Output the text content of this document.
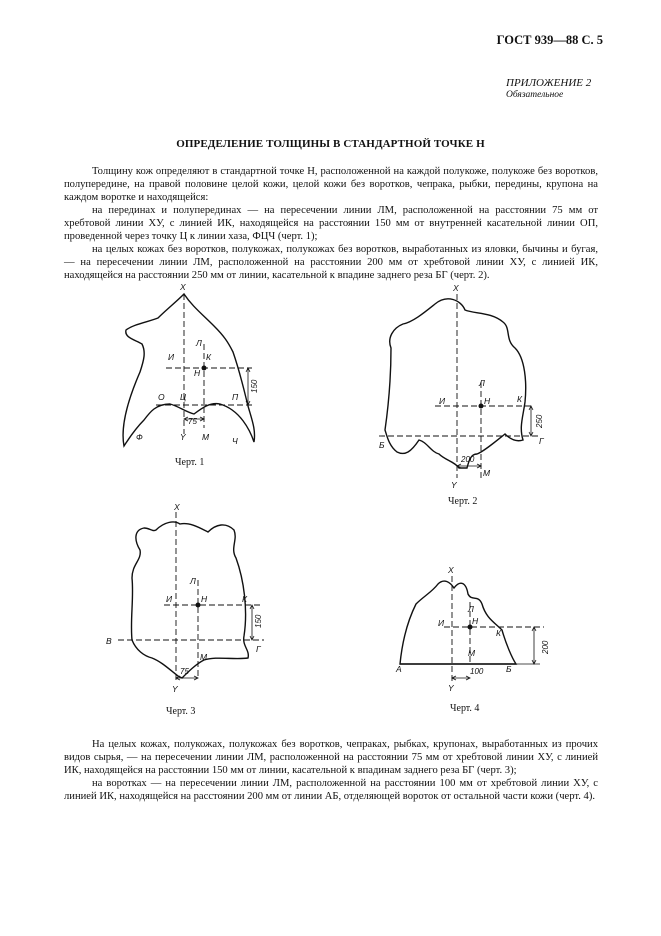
ГОСТ 939—88 С. 5
ПРИЛОЖЕНИЕ 2
Обязательное
ОПРЕДЕЛЕНИЕ ТОЛЩИНЫ В СТАНДАРТНОЙ ТОЧКЕ Н

Толщину кож определяют в стандартной точке Н, расположенной на каждой полукоже, полукоже без воротков, полупередине, на правой половине целой кожи, целой кожи без воротков, чепрака, рыбки, передины, крупона на каждом воротке и находящейся:

на перединах и полуперединах — на пересечении линии ЛМ, расположенной на расстоянии 75 мм от хребтовой линии ХУ, с линией ИК, находящейся на расстоянии 150 мм от внутренней касательной линии ОП, проведенной через точку Ц к линии хаза, ФЦЧ (черт. 1);

на целых кожах без воротков, полукожах, полукожах без воротков, выработанных из яловки, бычины и бугая, — на пересечении линии ЛМ, расположенной на расстоянии 200 мм от хребтовой линии ХУ, с линией ИК, находящейся на расстоянии 250 мм от линии, касательной к впадине заднего реза БГ (черт. 2).

Х
Л
К
И
Н
О Ц	П
Ф	Y М	Ч
75
150
Черт. 1
Х
Л
И	Н	К
Б	Г
Y
М
200
250
Черт. 2
Х
Л
И	Н	К
В
Г
Y
М
75
150
Черт. 3
Х
Л
И	Н
К
М
А	Б
Y
100
200
Черт. 4

На целых кожах, полукожах, полукожах без воротков, чепраках, рыбках, крупонах, выработанных из прочих видов сырья, — на пересечении линии ЛМ, расположенной на расстоянии 75 мм от хребтовой линии ХУ, с линией ИК, находящейся на расстоянии 150 мм от линии, касательной к впадинам заднего реза БГ (черт. 3);

на воротках — на пересечении линии ЛМ, расположенной на расстоянии 100 мм от хребтовой линии ХУ, с линией ИК, находящейся на расстоянии 200 мм от линии АБ, отделяющей вороток от остальной части кожи (черт. 4).
